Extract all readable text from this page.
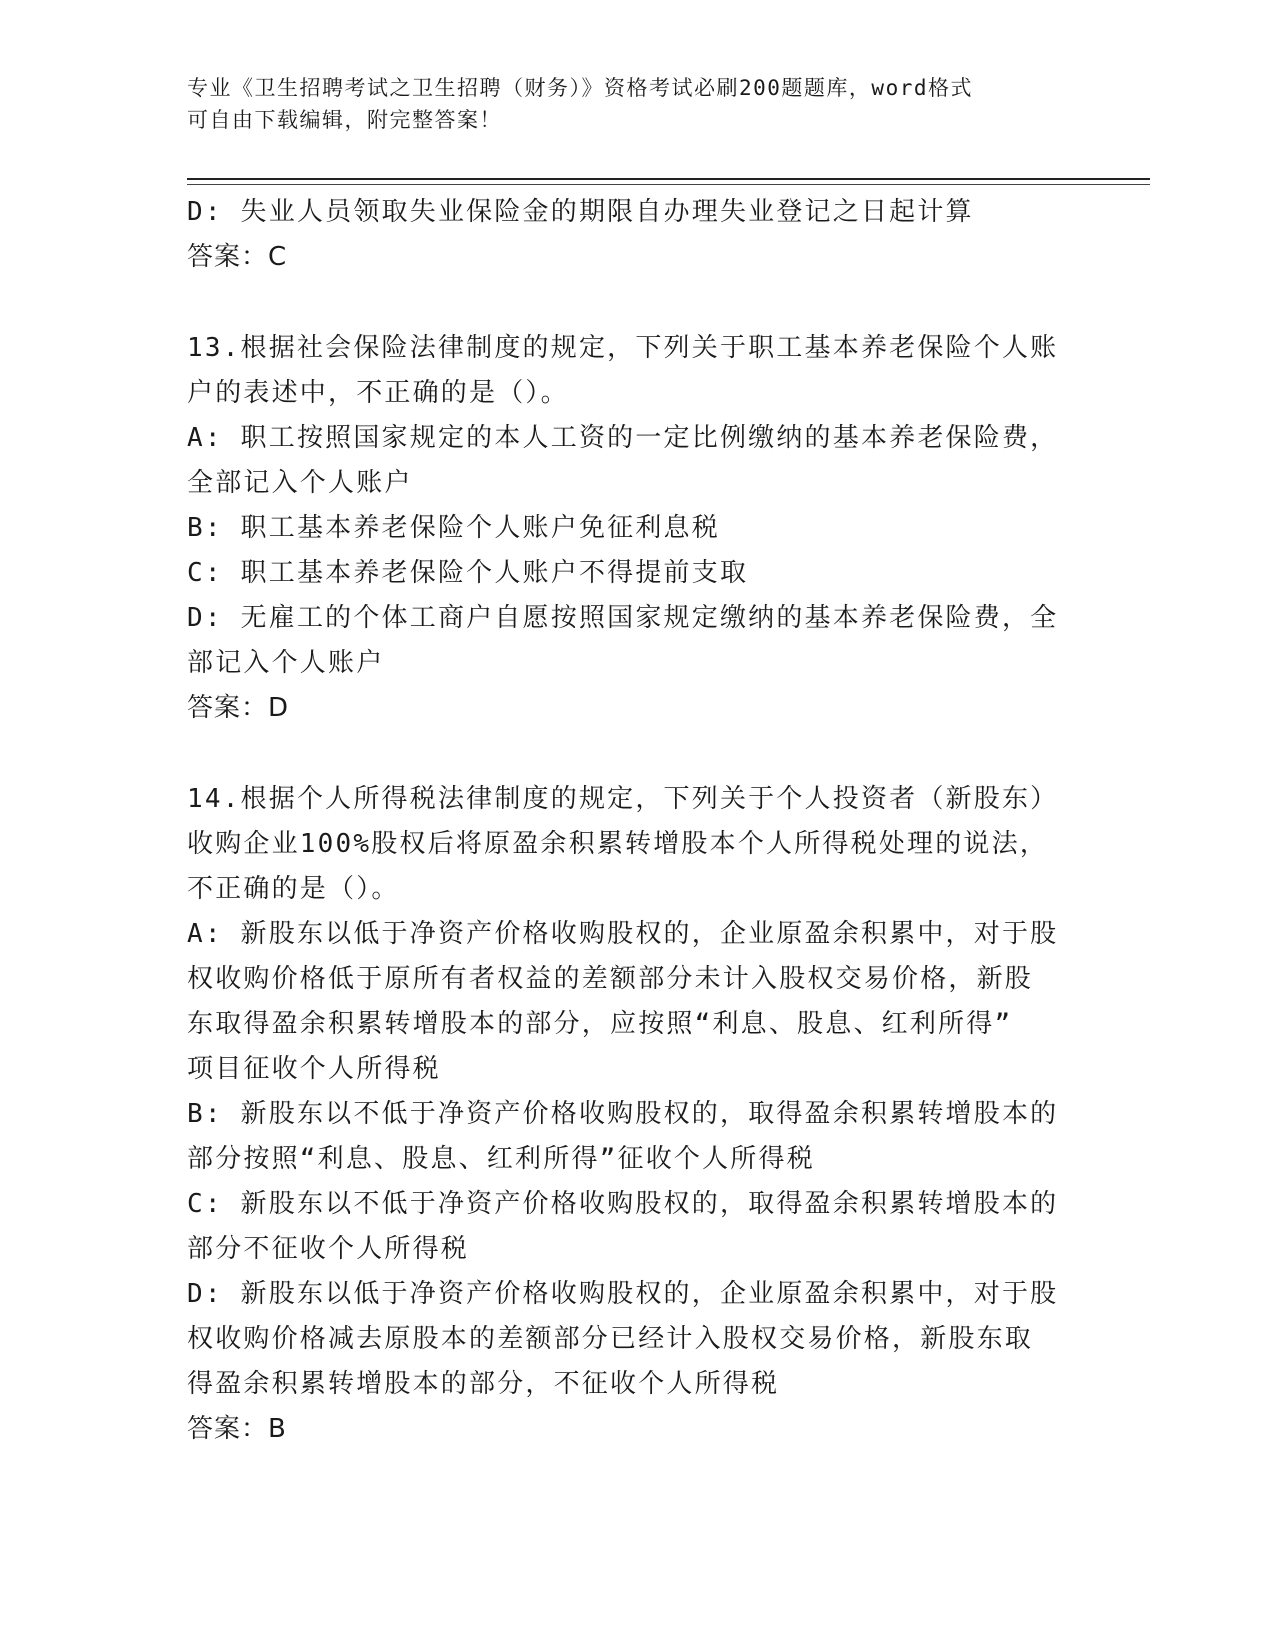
专业《卫生招聘考试之卫生招聘（财务）》资格考试必刷200题题库，word格式
可自由下载编辑，附完整答案！
D: 失业人员领取失业保险金的期限自办理失业登记之日起计算
答案：C
13.根据社会保险法律制度的规定，下列关于职工基本养老保险个人账
户的表述中，不正确的是（）。
A: 职工按照国家规定的本人工资的一定比例缴纳的基本养老保险费，
全部记入个人账户
B: 职工基本养老保险个人账户免征利息税
C: 职工基本养老保险个人账户不得提前支取
D: 无雇工的个体工商户自愿按照国家规定缴纳的基本养老保险费，全
部记入个人账户
答案：D
14.根据个人所得税法律制度的规定，下列关于个人投资者（新股东）
收购企业100%股权后将原盈余积累转增股本个人所得税处理的说法，
不正确的是（）。
A: 新股东以低于净资产价格收购股权的，企业原盈余积累中，对于股
权收购价格低于原所有者权益的差额部分未计入股权交易价格，新股
东取得盈余积累转增股本的部分，应按照“利息、股息、红利所得”
项目征收个人所得税
B: 新股东以不低于净资产价格收购股权的，取得盈余积累转增股本的
部分按照“利息、股息、红利所得”征收个人所得税
C: 新股东以不低于净资产价格收购股权的，取得盈余积累转增股本的
部分不征收个人所得税
D: 新股东以低于净资产价格收购股权的，企业原盈余积累中，对于股
权收购价格减去原股本的差额部分已经计入股权交易价格，新股东取
得盈余积累转增股本的部分，不征收个人所得税
答案：B
